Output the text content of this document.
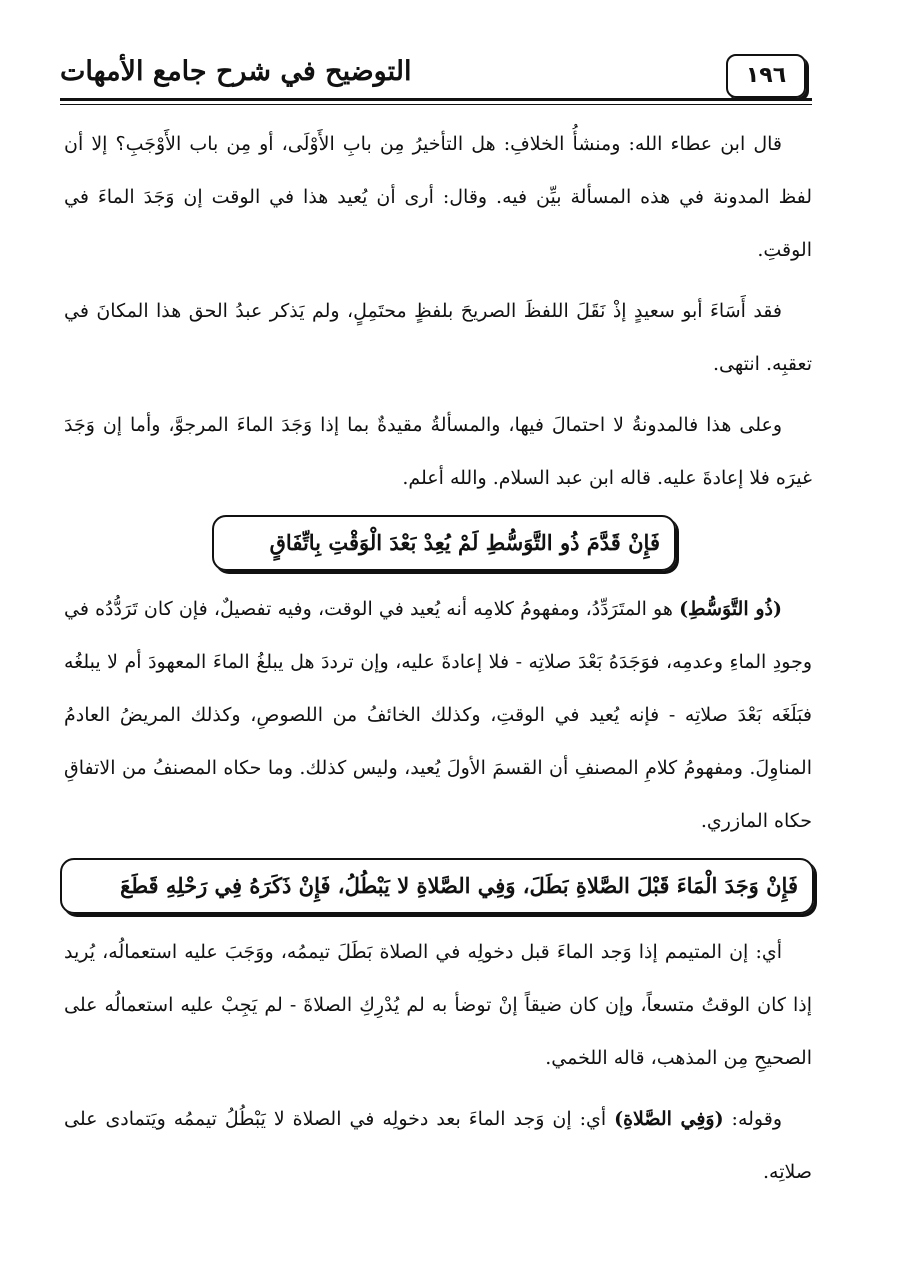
التوضيح في شرح جامع الأمهات	١٩٦

قال ابن عطاء الله: ومنشأُ الخلافِ: هل التأخيرُ مِن بابِ الأَوْلَى، أو مِن باب الأَوْجَبِ؟ إلا أن لفظ المدونة في هذه المسألة بيِّن فيه. وقال: أرى أن يُعيد هذا في الوقت إن وَجَدَ الماءَ في الوقتِ.

فقد أَسَاءَ أبو سعيدٍ إذْ نَقَلَ اللفظَ الصريحَ بلفظٍ محتَمِلٍ، ولم يَذكر عبدُ الحق هذا المكانَ في تعقبِه. انتهى.

وعلى هذا فالمدونةُ لا احتمالَ فيها، والمسألةُ مقيدةٌ بما إذا وَجَدَ الماءَ المرجوَّ، وأما إن وَجَدَ غيرَه فلا إعادةَ عليه. قاله ابن عبد السلام. والله أعلم.

فَإِنْ قَدَّمَ ذُو التَّوَسُّطِ لَمْ يُعِدْ بَعْدَ الْوَقْتِ بِاتِّفَاقٍ

(ذُو التَّوَسُّطِ) هو المتَرَدِّدُ، ومفهومُ كلامِه أنه يُعيد في الوقت، وفيه تفصيلٌ، فإن كان تَرَدُّدُه في وجودِ الماءِ وعدمِه، فوَجَدَهُ بَعْدَ صلاتِه - فلا إعادةَ عليه، وإن ترددَ هل يبلغُ الماءَ المعهودَ أم لا يبلغُه فبَلَغَه بَعْدَ صلاتِه - فإنه يُعيد في الوقتِ، وكذلك الخائفُ من اللصوصِ، وكذلك المريضُ العادمُ المناوِلَ. ومفهومُ كلامِ المصنفِ أن القسمَ الأولَ يُعيد، وليس كذلك. وما حكاه المصنفُ من الاتفاقِ حكاه المازري.

فَإِنْ وَجَدَ الْمَاءَ قَبْلَ الصَّلاةِ بَطَلَ، وَفِي الصَّلاةِ لا يَبْطُلُ، فَإِنْ ذَكَرَهُ فِي رَحْلِهِ قَطَعَ

أي: إن المتيمم إذا وَجد الماءَ قبل دخولِه في الصلاة بَطَلَ تيممُه، ووَجَبَ عليه استعمالُه، يُريد إذا كان الوقتُ متسعاً، وإن كان ضيقاً إنْ توضأ به لم يُدْرِكِ الصلاةَ - لم يَجِبْ عليه استعمالُه على الصحيحِ مِن المذهب، قاله اللخمي.

وقوله: (وَفِي الصَّلاةِ) أي: إن وَجد الماءَ بعد دخولِه في الصلاة لا يَبْطُلُ تيممُه ويَتمادى على صلاتِه.
